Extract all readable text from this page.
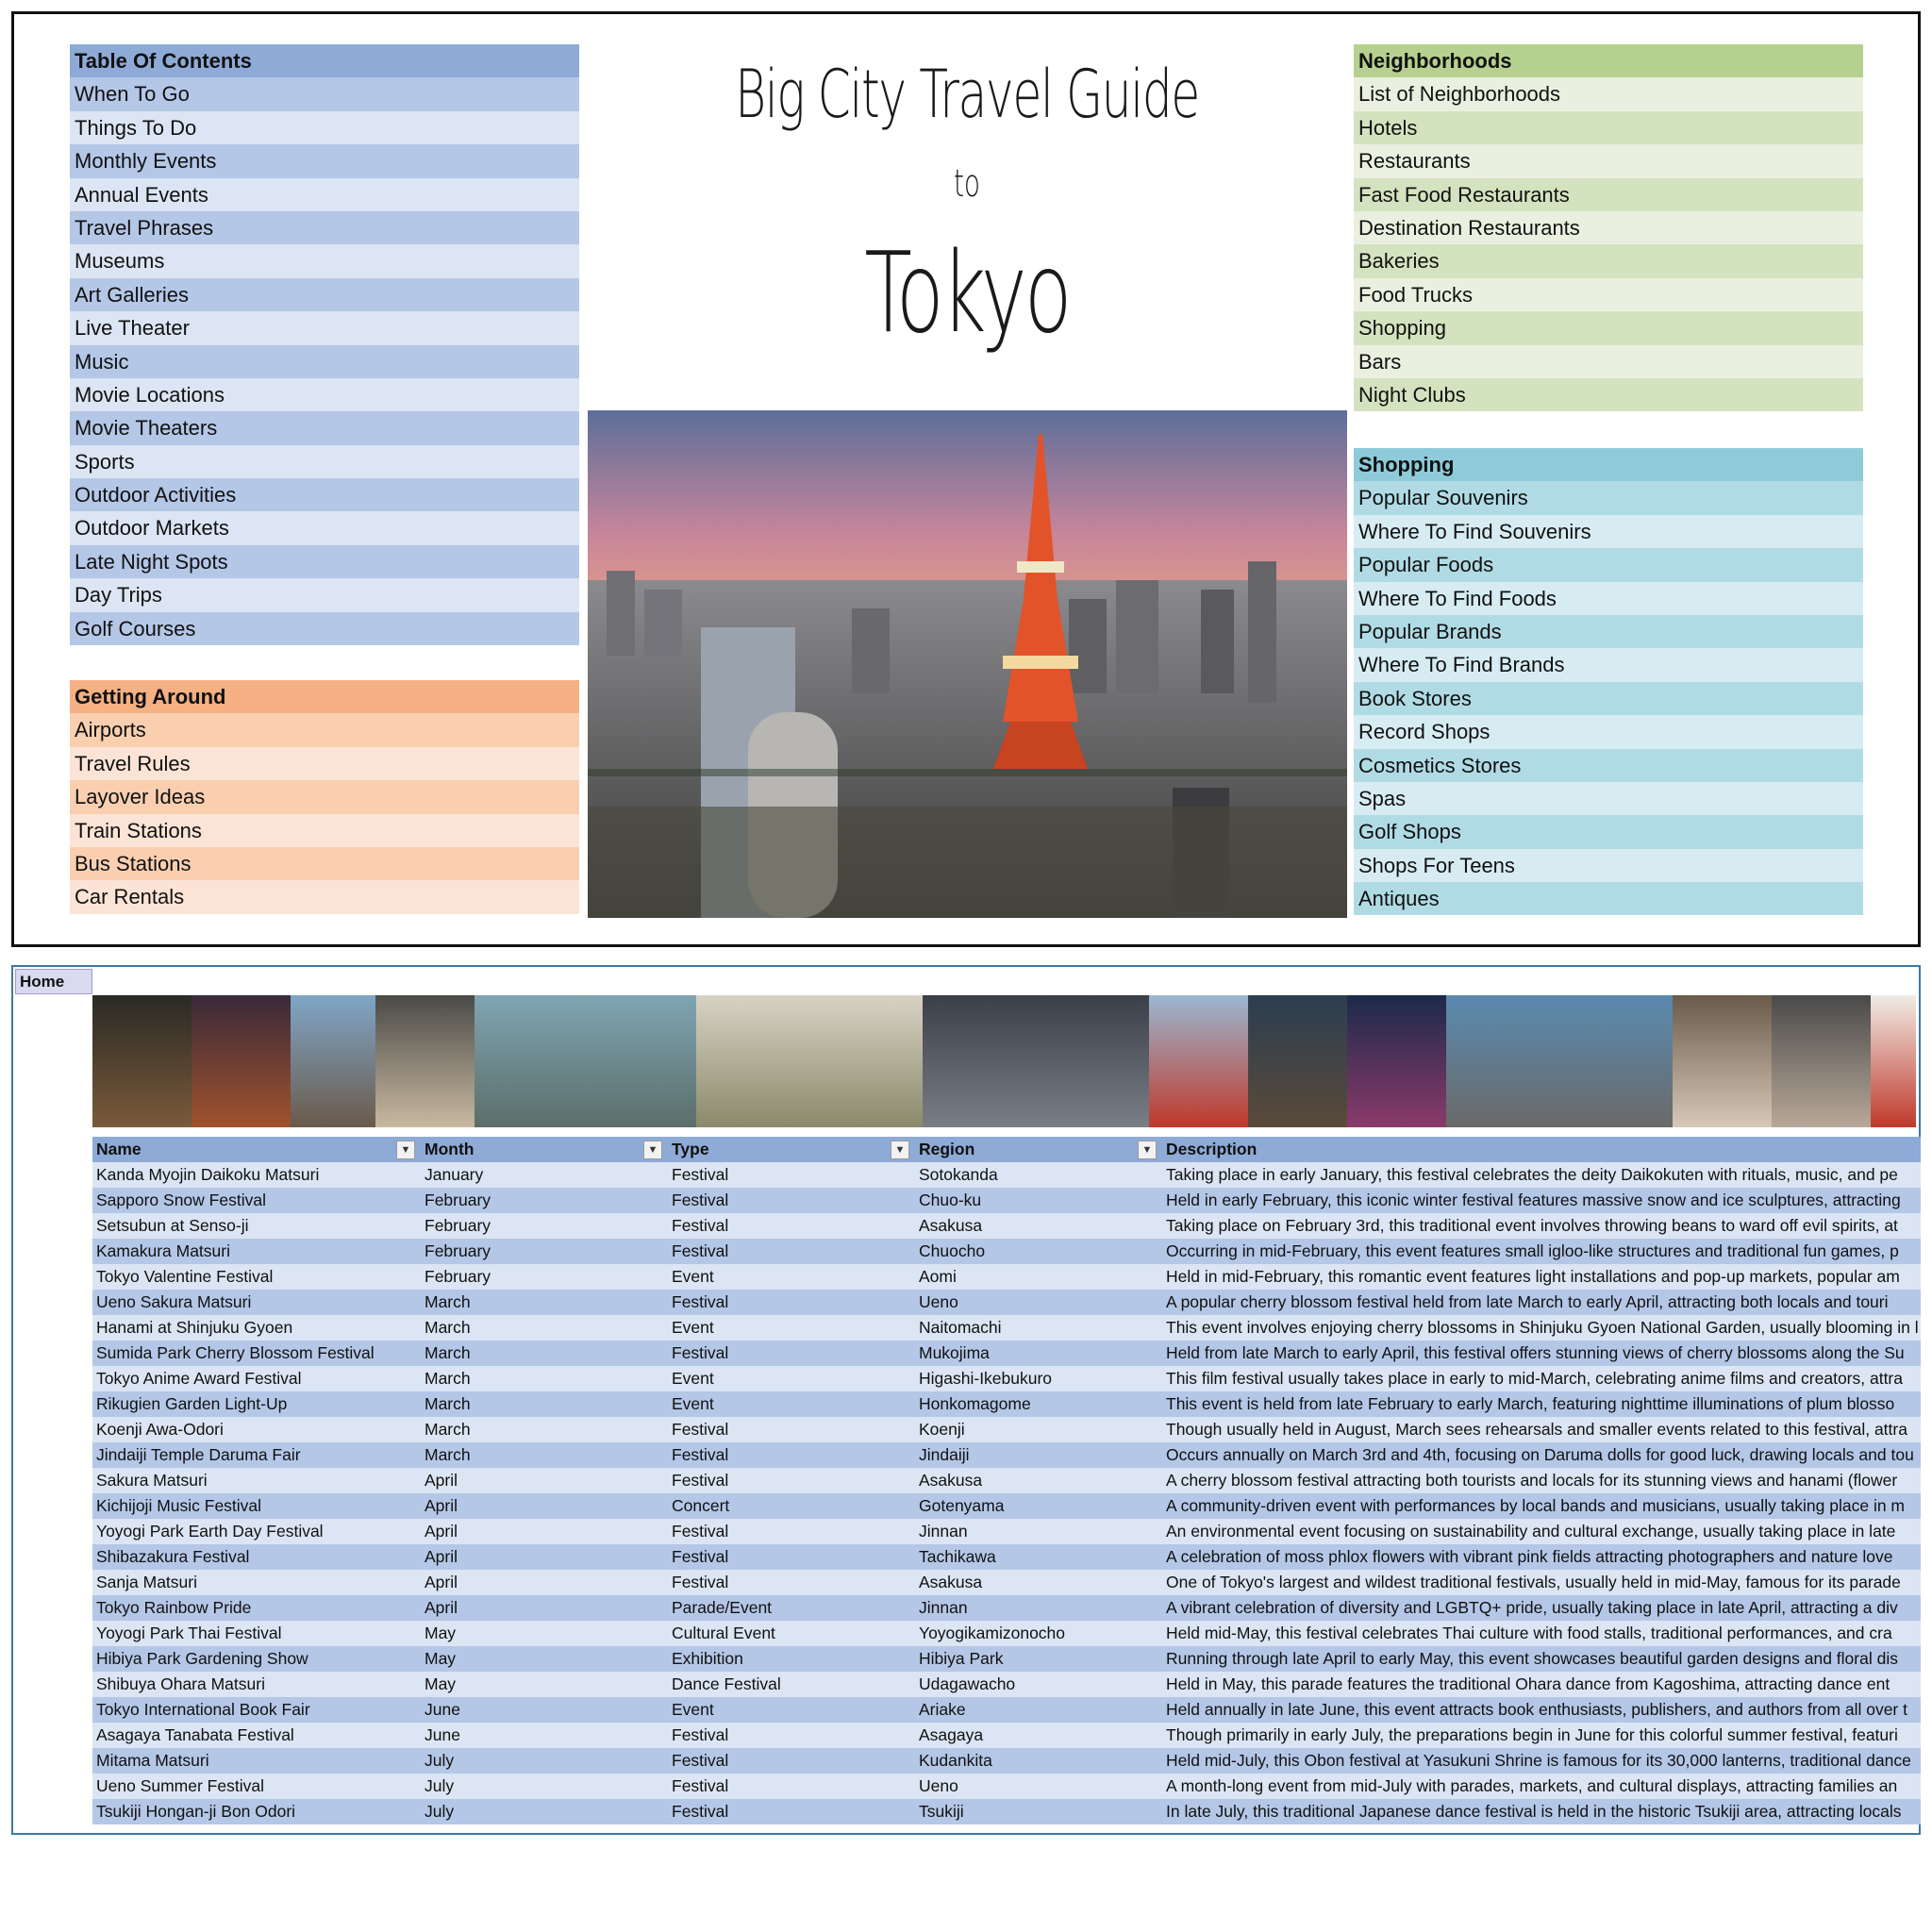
Table Of Contents
When To Go
Things To Do
Monthly Events
Annual Events
Travel Phrases
Museums
Art Galleries
Live Theater
Music
Movie Locations
Movie Theaters
Sports
Outdoor Activities
Outdoor Markets
Late Night Spots
Day Trips
Golf Courses
Getting Around
Airports
Travel Rules
Layover Ideas
Train Stations
Bus Stations
Car Rentals
Big City Travel Guide
to
Tokyo
Neighborhoods
List of Neighborhoods
Hotels
Restaurants
Fast Food Restaurants
Destination Restaurants
Bakeries
Food Trucks
Shopping
Bars
Night Clubs
Shopping
Popular Souvenirs
Where To Find Souvenirs
Popular Foods
Where To Find Foods
Popular Brands
Where To Find Brands
Book Stores
Record Shops
Cosmetics Stores
Spas
Golf Shops
Shops For Teens
Antiques
Home
Name ▼	Month ▼	Type ▼	Region ▼	Description
Kanda Myojin Daikoku Matsuri	January	Festival	Sotokanda	Taking place in early January, this festival celebrates the deity Daikokuten with rituals, music, and pe
Sapporo Snow Festival	February	Festival	Chuo-ku	Held in early February, this iconic winter festival features massive snow and ice sculptures, attracting
Setsubun at Senso-ji	February	Festival	Asakusa	Taking place on February 3rd, this traditional event involves throwing beans to ward off evil spirits, at
Kamakura Matsuri	February	Festival	Chuocho	Occurring in mid-February, this event features small igloo-like structures and traditional fun games, p
Tokyo Valentine Festival	February	Event	Aomi	Held in mid-February, this romantic event features light installations and pop-up markets, popular am
Ueno Sakura Matsuri	March	Festival	Ueno	A popular cherry blossom festival held from late March to early April, attracting both locals and touri
Hanami at Shinjuku Gyoen	March	Event	Naitomachi	This event involves enjoying cherry blossoms in Shinjuku Gyoen National Garden, usually blooming in l
Sumida Park Cherry Blossom Festival	March	Festival	Mukojima	Held from late March to early April, this festival offers stunning views of cherry blossoms along the Su
Tokyo Anime Award Festival	March	Event	Higashi-Ikebukuro	This film festival usually takes place in early to mid-March, celebrating anime films and creators, attra
Rikugien Garden Light-Up	March	Event	Honkomagome	This event is held from late February to early March, featuring nighttime illuminations of plum blosso
Koenji Awa-Odori	March	Festival	Koenji	Though usually held in August, March sees rehearsals and smaller events related to this festival, attra
Jindaiji Temple Daruma Fair	March	Festival	Jindaiji	Occurs annually on March 3rd and 4th, focusing on Daruma dolls for good luck, drawing locals and tou
Sakura Matsuri	April	Festival	Asakusa	A cherry blossom festival attracting both tourists and locals for its stunning views and hanami (flower
Kichijoji Music Festival	April	Concert	Gotenyama	A community-driven event with performances by local bands and musicians, usually taking place in m
Yoyogi Park Earth Day Festival	April	Festival	Jinnan	An environmental event focusing on sustainability and cultural exchange, usually taking place in late
Shibazakura Festival	April	Festival	Tachikawa	A celebration of moss phlox flowers with vibrant pink fields attracting photographers and nature love
Sanja Matsuri	April	Festival	Asakusa	One of Tokyo's largest and wildest traditional festivals, usually held in mid-May, famous for its parade
Tokyo Rainbow Pride	April	Parade/Event	Jinnan	A vibrant celebration of diversity and LGBTQ+ pride, usually taking place in late April, attracting a div
Yoyogi Park Thai Festival	May	Cultural Event	Yoyogikamizonocho	Held mid-May, this festival celebrates Thai culture with food stalls, traditional performances, and cra
Hibiya Park Gardening Show	May	Exhibition	Hibiya Park	Running through late April to early May, this event showcases beautiful garden designs and floral dis
Shibuya Ohara Matsuri	May	Dance Festival	Udagawacho	Held in May, this parade features the traditional Ohara dance from Kagoshima, attracting dance ent
Tokyo International Book Fair	June	Event	Ariake	Held annually in late June, this event attracts book enthusiasts, publishers, and authors from all over t
Asagaya Tanabata Festival	June	Festival	Asagaya	Though primarily in early July, the preparations begin in June for this colorful summer festival, featuri
Mitama Matsuri	July	Festival	Kudankita	Held mid-July, this Obon festival at Yasukuni Shrine is famous for its 30,000 lanterns, traditional dance
Ueno Summer Festival	July	Festival	Ueno	A month-long event from mid-July with parades, markets, and cultural displays, attracting families an
Tsukiji Hongan-ji Bon Odori	July	Festival	Tsukiji	In late July, this traditional Japanese dance festival is held in the historic Tsukiji area, attracting locals
